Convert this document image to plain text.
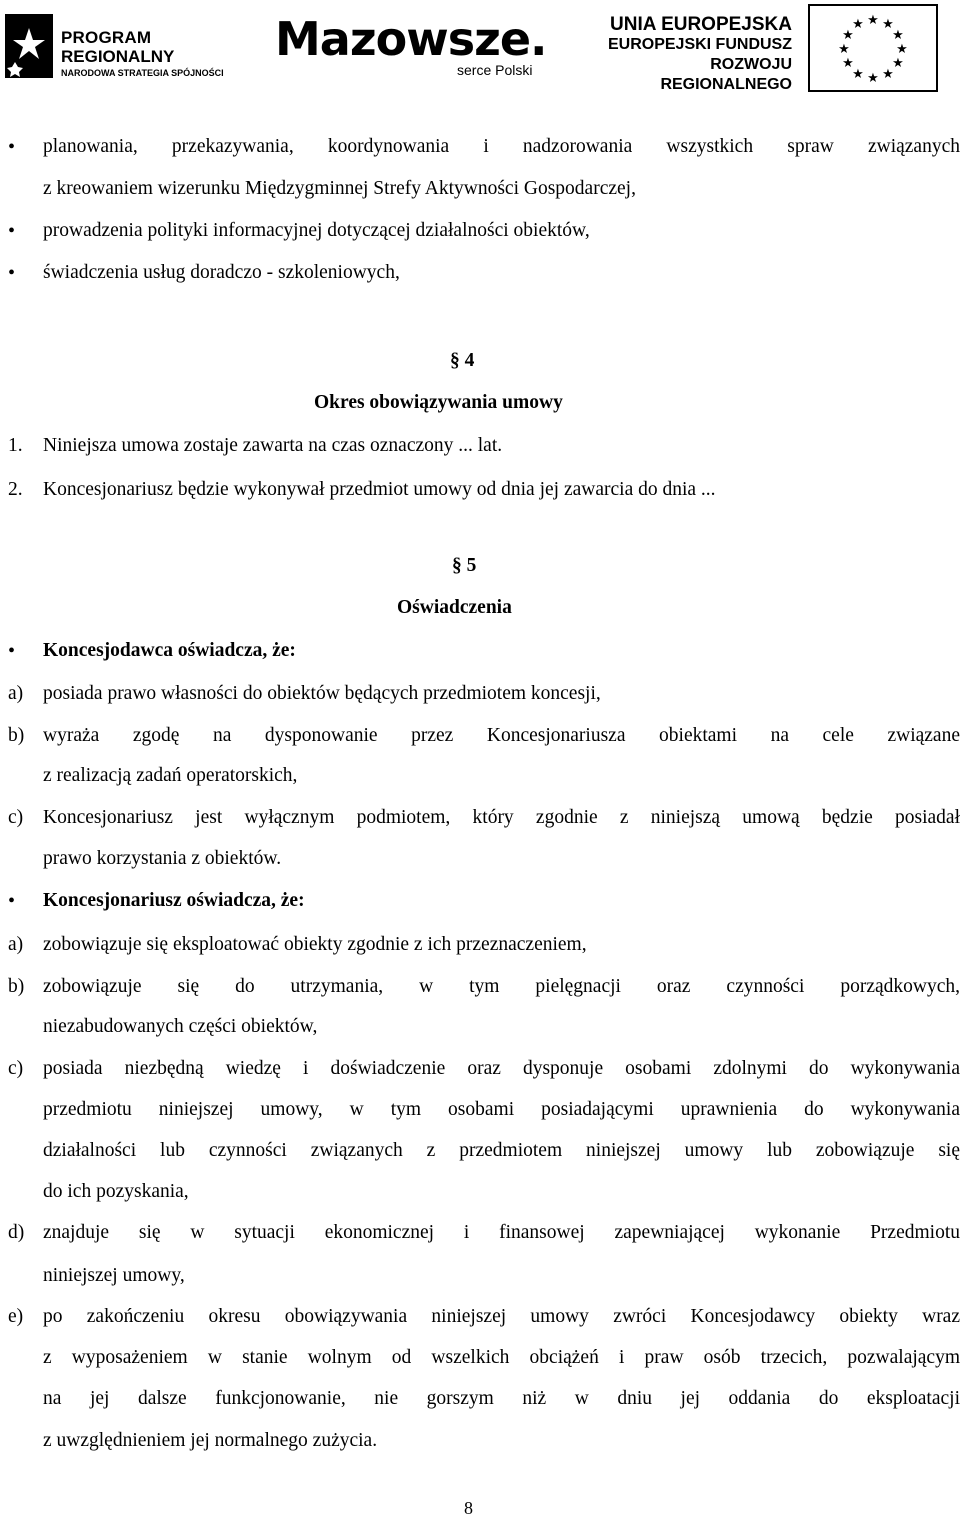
PROGRAM
REGIONALNY
NARODOWA STRATEGIA SPÓJNOŚCI
Mazowsze.
serce Polski
UNIA EUROPEJSKA
EUROPEJSKI FUNDUSZ
ROZWOJU REGIONALNEGO
★ ★
★
★
★
★
★
★
★
★
★
★
• planowania, przekazywania, koordynowania i nadzorowania wszystkich spraw związanych
z kreowaniem wizerunku Międzygminnej Strefy Aktywności Gospodarczej,
• prowadzenia polityki informacyjnej dotyczącej działalności obiektów,
• świadczenia usług doradczo - szkoleniowych,
§ 4
Okres obowiązywania umowy
1. Niniejsza umowa zostaje zawarta na czas oznaczony ... lat.
2. Koncesjonariusz będzie wykonywał przedmiot umowy od dnia jej zawarcia do dnia ...
§ 5
Oświadczenia
• Koncesjodawca oświadcza, że:
a) posiada prawo własności do obiektów będących przedmiotem koncesji,
b) wyraża zgodę na dysponowanie przez Koncesjonariusza obiektami na cele związane
z realizacją zadań operatorskich,
c) Koncesjonariusz jest wyłącznym podmiotem, który zgodnie z niniejszą umową będzie posiadał
prawo korzystania z obiektów.
• Koncesjonariusz oświadcza, że:
a) zobowiązuje się eksploatować obiekty zgodnie z ich przeznaczeniem,
b) zobowiązuje się do utrzymania, w tym pielęgnacji oraz czynności porządkowych,
niezabudowanych części obiektów,
c) posiada niezbędną wiedzę i doświadczenie oraz dysponuje osobami zdolnymi do wykonywania
przedmiotu niniejszej umowy, w tym osobami posiadającymi uprawnienia do wykonywania
działalności lub czynności związanych z przedmiotem niniejszej umowy lub zobowiązuje się
do ich pozyskania,
d) znajduje się w sytuacji ekonomicznej i finansowej zapewniającej wykonanie Przedmiotu
niniejszej umowy,
e) po zakończeniu okresu obowiązywania niniejszej umowy zwróci Koncesjodawcy obiekty wraz
z wyposażeniem w stanie wolnym od wszelkich obciążeń i praw osób trzecich, pozwalającym
na jej dalsze funkcjonowanie, nie gorszym niż w dniu jej oddania do eksploatacji
z uwzględnieniem jej normalnego zużycia.
8
